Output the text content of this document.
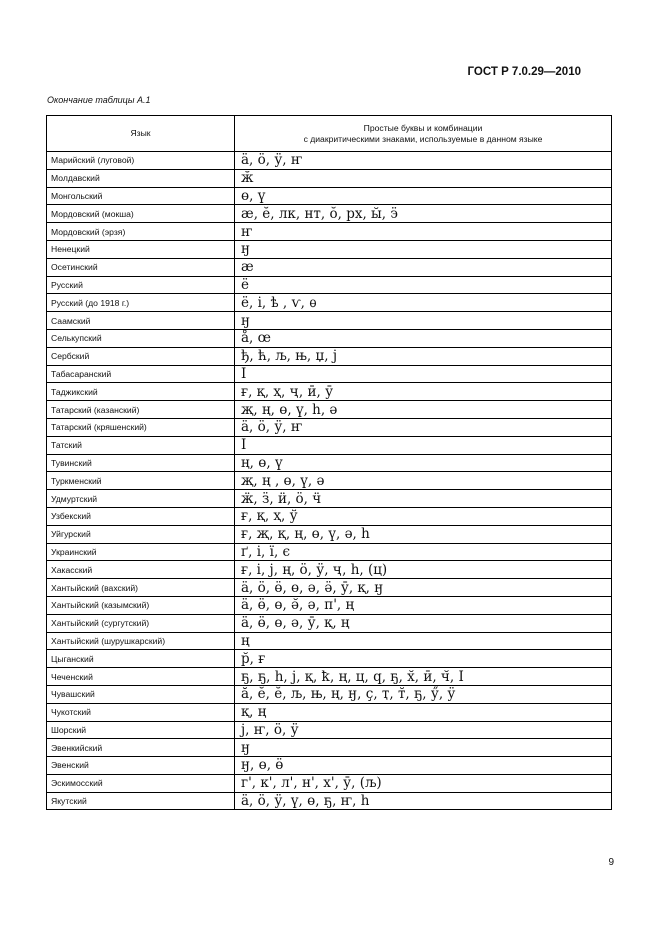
ГОСТ Р 7.0.29—2010
Окончание таблицы А.1
Язык	Простые буквы и комбинации
с диакритическими знаками, используемые в данном языке
Марийский (луговой)	ä, ö, ӱ, ҥ
Молдавский	ӂ
Монгольский	ө, ү
Мордовский (мокша)	ӕ, ӗ, лк, нт, ŏ, рх, ы̆, ӭ
Мордовский (эрзя)	ҥ
Ненецкий	ӈ
Осетинский	ӕ
Русский	ё
Русский (до 1918 г.)	ё, і, ѣ , ѵ, ѳ
Саамский	ӈ
Селькупский	å, œ
Сербский	ђ, ћ, љ, њ, џ, ј
Табасаранский	Ӏ
Таджикский	ғ, қ, ҳ, ҷ, ӣ, ӯ
Татарский (казанский)	җ, ң, ө, ү, һ, ә
Татарский (кряшенский)	ä, ö, ӱ, ҥ
Татский	Ӏ
Тувинский	ң, ө, ү
Туркменский	җ, ң , ө, ү, ә
Удмуртский	ӝ, ӟ, ӥ, ӧ, ӵ
Узбекский	ғ, қ, ҳ, ў
Уйгурский	ғ, җ, қ, ң, ө, ү, ә, һ
Украинский	ґ, і, ї, є
Хакасский	ғ, і, ј, ң, ö, ӱ, ҷ, һ, (ц)
Хантыйский (вахский)	ä, ö, ӫ, ө, ә, ӛ, ӯ, қ, ӈ
Хантыйский (казымский)	ä, ӫ, ө, ә̆, ә, п', ң
Хантыйский (сургутский)	ä, ӫ, ө, ә, ӯ, қ, ң
Хантыйский (шурушкарский)	ң
Цыганский	р̆, ғ
Чеченский	ҕ, ҕ, һ, ј, қ, ҟ, ң, ц, ԛ, ҕ, х̆, ӣ, ч̆, Ӏ
Чувашский	ӑ, ӗ, ӗ, љ, њ, ң, ӈ, ҫ, ҭ, т̆, ҕ, ӳ, ӱ
Чукотский	қ, ң
Шорский	ј, ҥ, ӧ, ӱ
Эвенкийский	ӈ
Эвенский	ӈ, ө, ӫ
Эскимосский	г', к', л', н', х', ӯ, (љ)
Якутский	ä, ӧ, ӱ, ү, ө, ҕ, ҥ, һ
9
